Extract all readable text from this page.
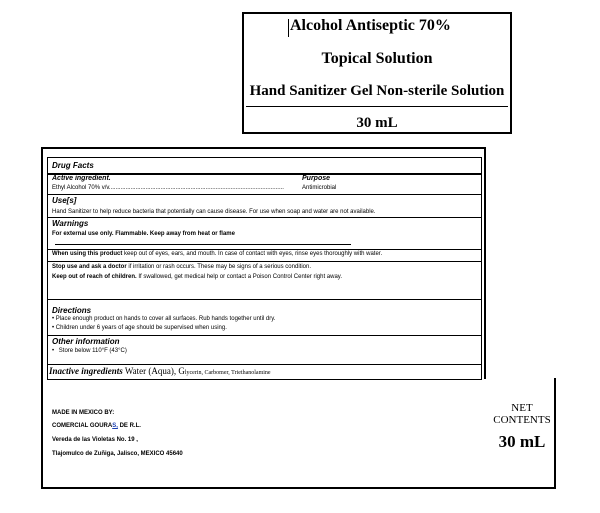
Alcohol Antiseptic 70%
Topical Solution
Hand Sanitizer Gel Non-sterile Solution
30 mL
Drug Facts
Active ingredient.	Purpose
Ethyl Alcohol 70% v/v.........................................................................................................	Antimicrobial
Use[s]
Hand Sanitizer to help reduce bacteria that potentially can cause disease. For use when soap and water are not available.
Warnings
For external use only. Flammable. Keep away from heat or flame
When using this product keep out of eyes, ears, and mouth. In case of contact with eyes, rinse eyes thoroughly with water.
Stop use and ask a doctor if irritation or rash occurs. These may be signs of a serious condition.
Keep out of reach of children. If swallowed, get medical help or contact a Poison Control Center right away.
Directions
• Place enough product on hands to cover all surfaces. Rub hands together until dry.
• Children under 6 years of age should be supervised when using.
Other information
• Store below 110°F (43°C)
Inactive ingredients Water (Aqua), Glycerin, Carbomer, Triethanolamine
MADE IN MEXICO BY:
COMERCIAL GOURAS, DE R.L.
Vereda de las Violetas No. 19 ,
Tlajomulco de Zuñiga, Jalisco, MEXICO 45640
NET
CONTENTS
30 mL
